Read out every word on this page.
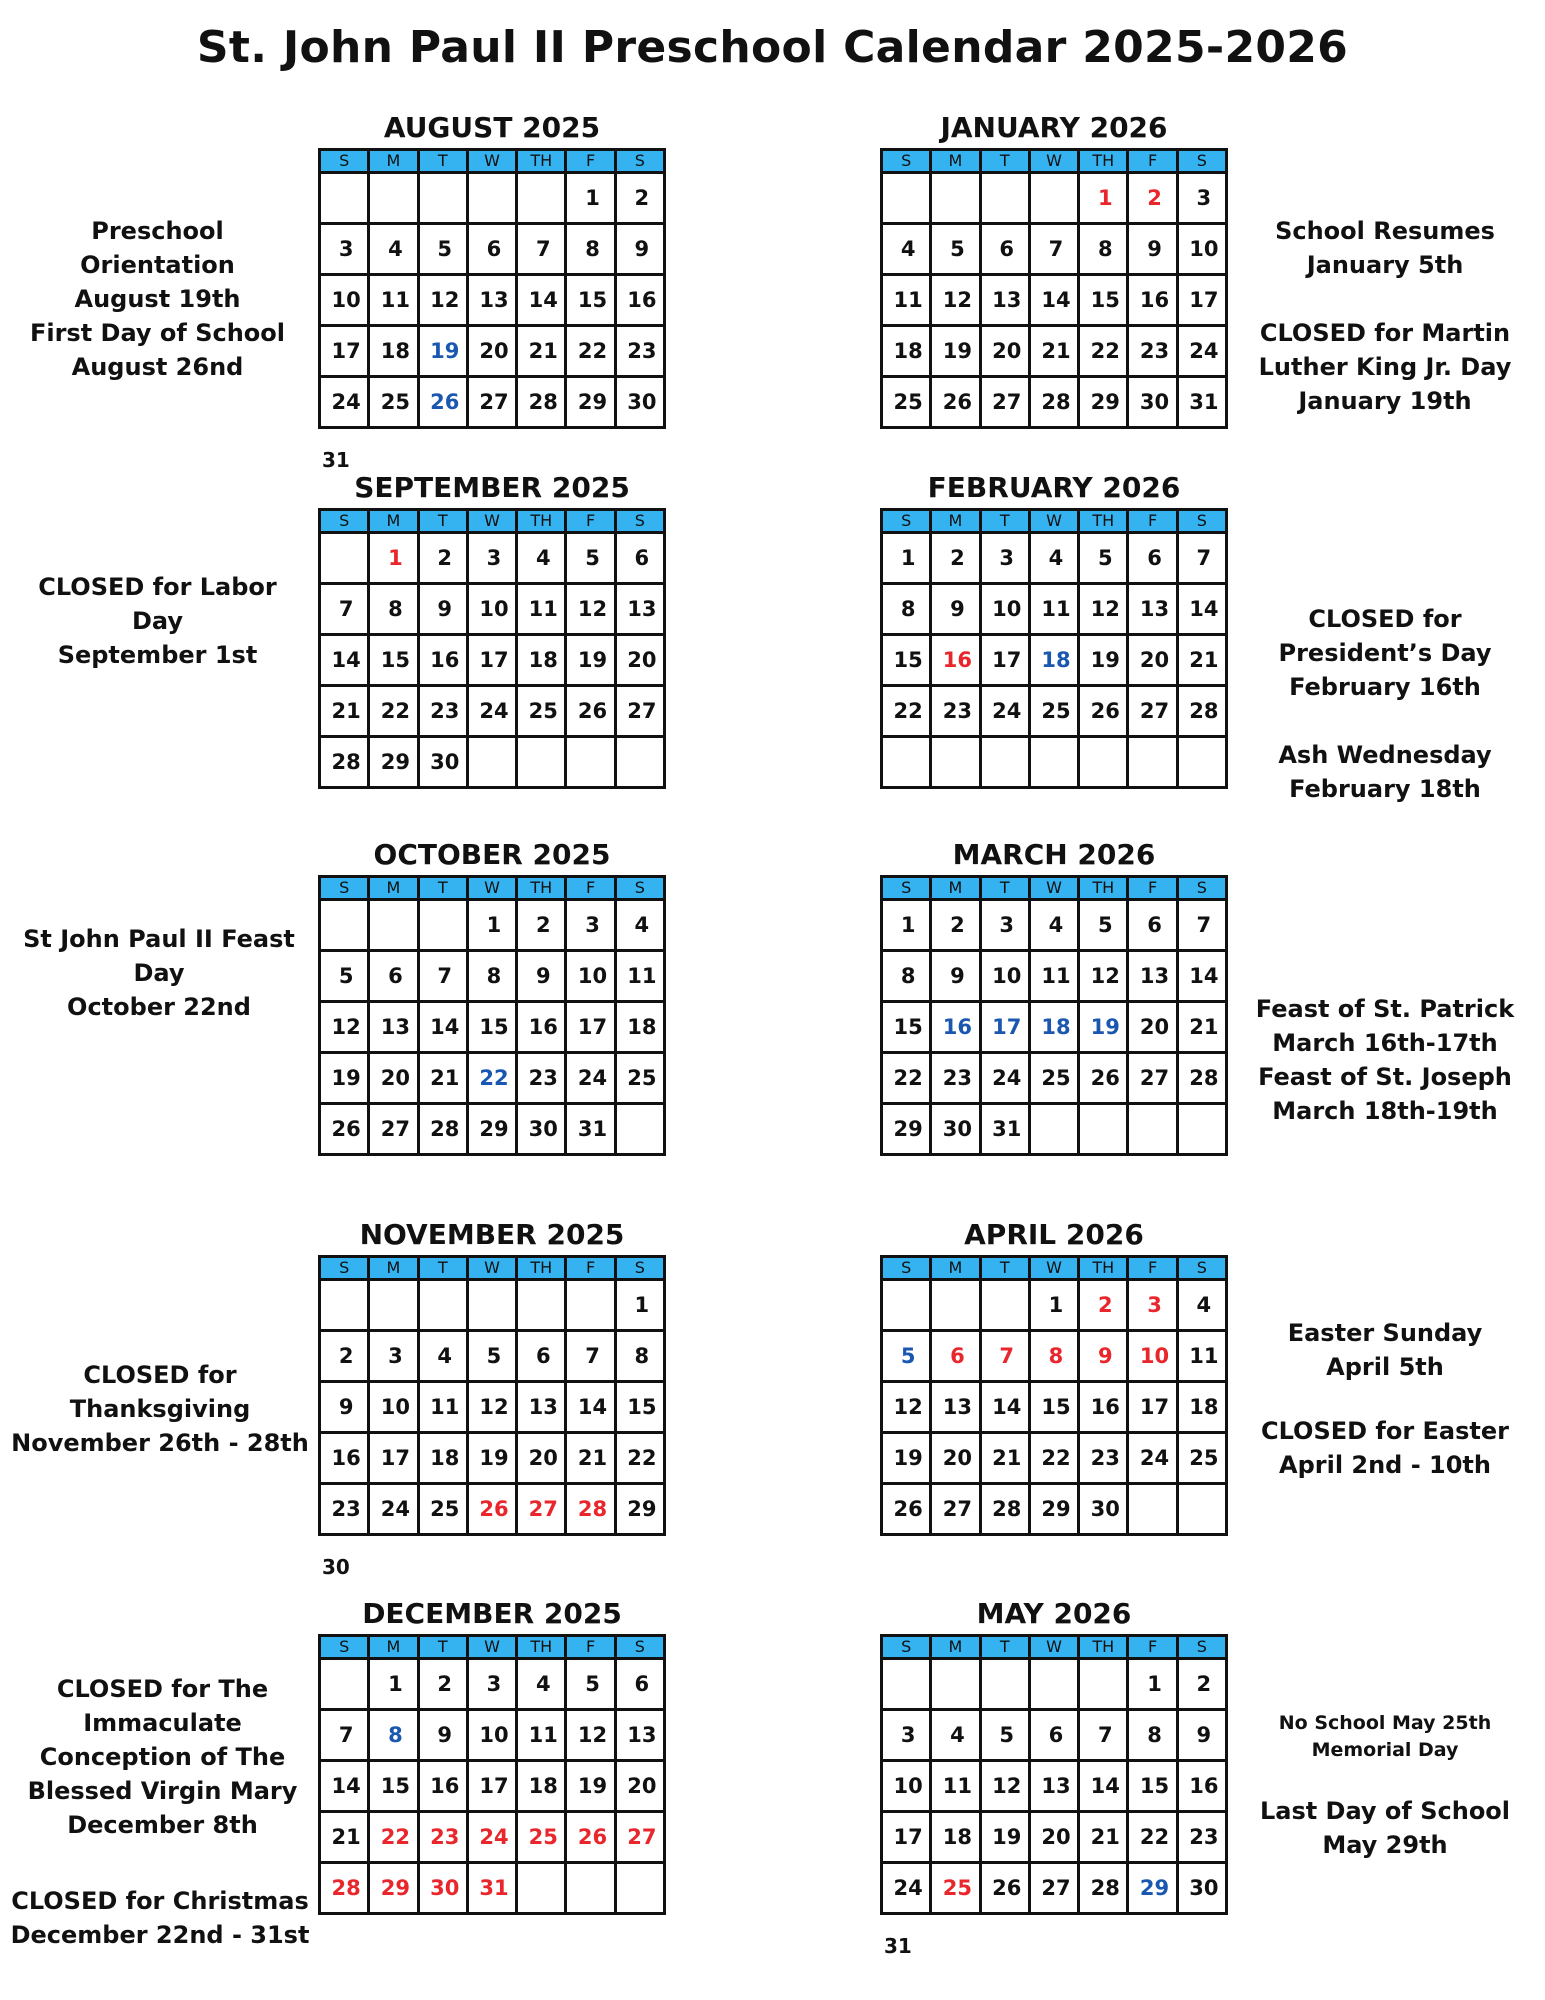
St. John Paul II Preschool Calendar 2025-2026
AUGUST 2025
S	M	T	W	TH	F	S
					1	2
3	4	5	6	7	8	9
10	11	12	13	14	15	16
17	18	19	20	21	22	23
24	25	26	27	28	29	30
31
SEPTEMBER 2025
S	M	T	W	TH	F	S
	1	2	3	4	5	6
7	8	9	10	11	12	13
14	15	16	17	18	19	20
21	22	23	24	25	26	27
28	29	30				
OCTOBER 2025
S	M	T	W	TH	F	S
			1	2	3	4
5	6	7	8	9	10	11
12	13	14	15	16	17	18
19	20	21	22	23	24	25
26	27	28	29	30	31	
NOVEMBER 2025
S	M	T	W	TH	F	S
						1
2	3	4	5	6	7	8
9	10	11	12	13	14	15
16	17	18	19	20	21	22
23	24	25	26	27	28	29
30
DECEMBER 2025
S	M	T	W	TH	F	S
	1	2	3	4	5	6
7	8	9	10	11	12	13
14	15	16	17	18	19	20
21	22	23	24	25	26	27
28	29	30	31			
JANUARY 2026
S	M	T	W	TH	F	S
				1	2	3
4	5	6	7	8	9	10
11	12	13	14	15	16	17
18	19	20	21	22	23	24
25	26	27	28	29	30	31
FEBRUARY 2026
S	M	T	W	TH	F	S
1	2	3	4	5	6	7
8	9	10	11	12	13	14
15	16	17	18	19	20	21
22	23	24	25	26	27	28

MARCH 2026
S	M	T	W	TH	F	S
1	2	3	4	5	6	7
8	9	10	11	12	13	14
15	16	17	18	19	20	21
22	23	24	25	26	27	28
29	30	31				
APRIL 2026
S	M	T	W	TH	F	S
			1	2	3	4
5	6	7	8	9	10	11
12	13	14	15	16	17	18
19	20	21	22	23	24	25
26	27	28	29	30		
MAY 2026
S	M	T	W	TH	F	S
					1	2
3	4	5	6	7	8	9
10	11	12	13	14	15	16
17	18	19	20	21	22	23
24	25	26	27	28	29	30
31
Preschool Orientation
August 19th
First Day of School
August 26nd
CLOSED for Labor Day
September 1st
St John Paul II Feast Day
October 22nd
CLOSED for
Thanksgiving
November 26th - 28th
CLOSED for The
Immaculate
Conception of The
Blessed Virgin Mary
December 8th
CLOSED for Christmas
December 22nd - 31st
School Resumes
January 5th
CLOSED for Martin
Luther King Jr. Day
January 19th
CLOSED for
President’s Day
February 16th
Ash Wednesday
February 18th
Feast of St. Patrick
March 16th-17th
Feast of St. Joseph
March 18th-19th
Easter Sunday
April 5th
CLOSED for Easter
April 2nd - 10th
No School May 25th
Memorial Day
Last Day of School
May 29th
